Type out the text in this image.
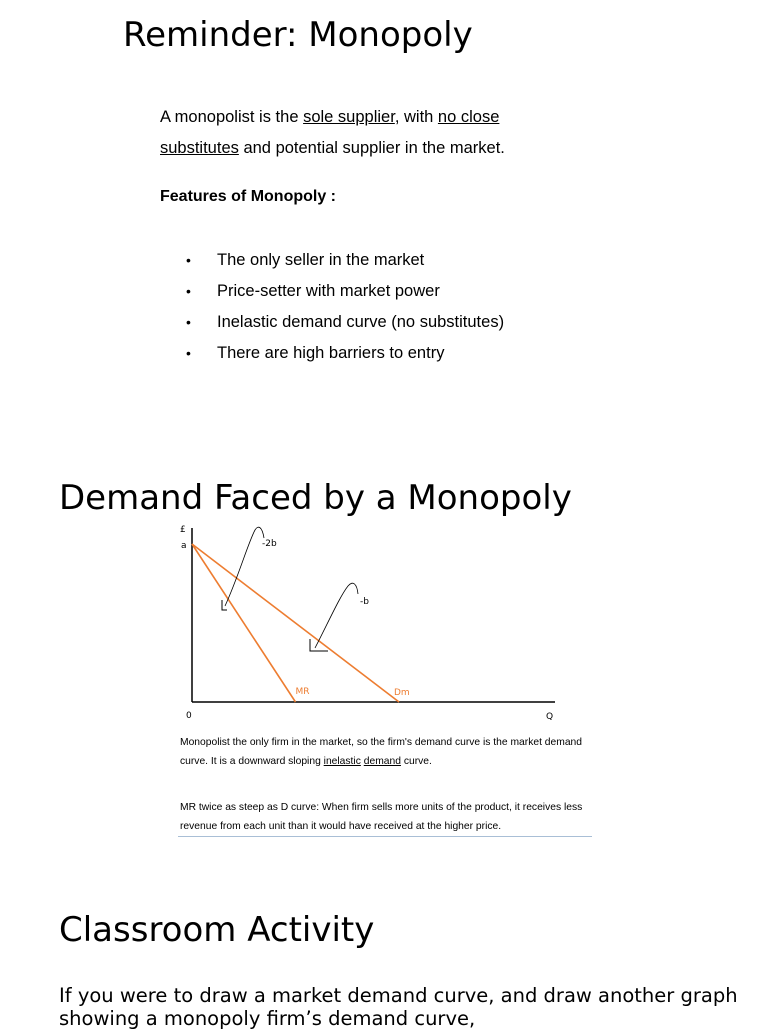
Reminder: Monopoly
A monopolist is the sole supplier, with no close substitutes and potential supplier in the market.
Features of Monopoly :
• The only seller in the market
• Price-setter with market power
• Inelastic demand curve (no substitutes)
• There are high barriers to entry
Demand Faced by a Monopoly
£
a
0	Q
MR	Dm
-2b
-b
Monopolist the only firm in the market, so the firm's demand curve is the market demand curve. It is a downward sloping inelastic demand curve.
MR twice as steep as D curve: When firm sells more units of the product, it receives less revenue from each unit than it would have received at the higher price.
Classroom Activity
If you were to draw a market demand curve, and draw another graph showing a monopoly firm’s demand curve,
